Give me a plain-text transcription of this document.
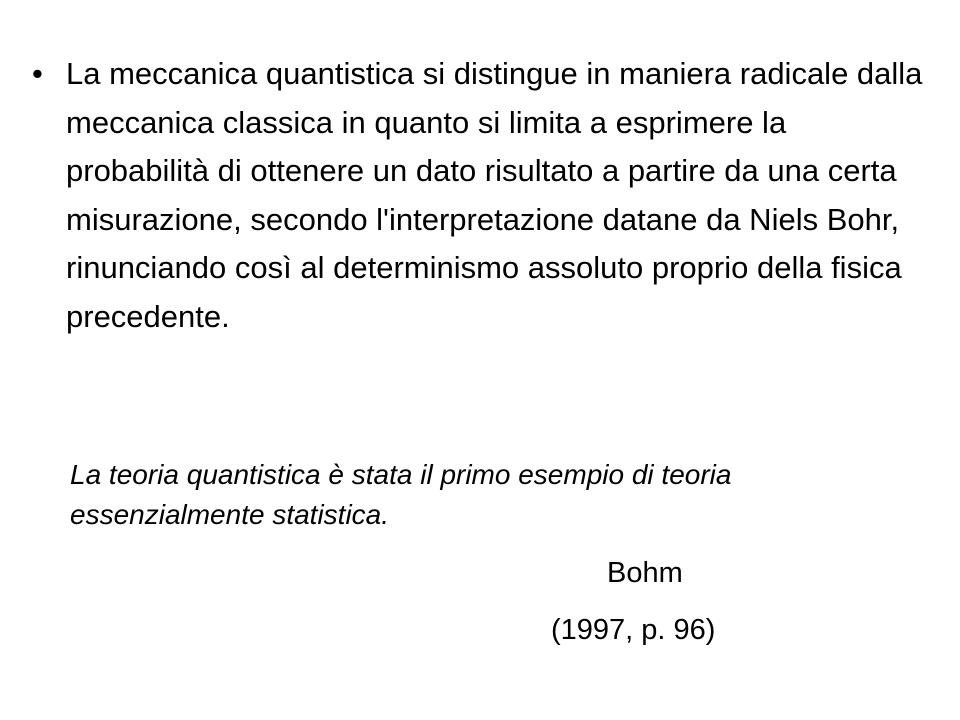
• La meccanica quantistica si distingue in maniera radicale dalla meccanica classica in quanto si limita a esprimere la probabilità di ottenere un dato risultato a partire da una certa misurazione, secondo l'interpretazione datane da Niels Bohr, rinunciando così al determinismo assoluto proprio della fisica precedente.
La teoria quantistica è stata il primo esempio di teoria essenzialmente statistica.
Bohm
(1997, p. 96)
